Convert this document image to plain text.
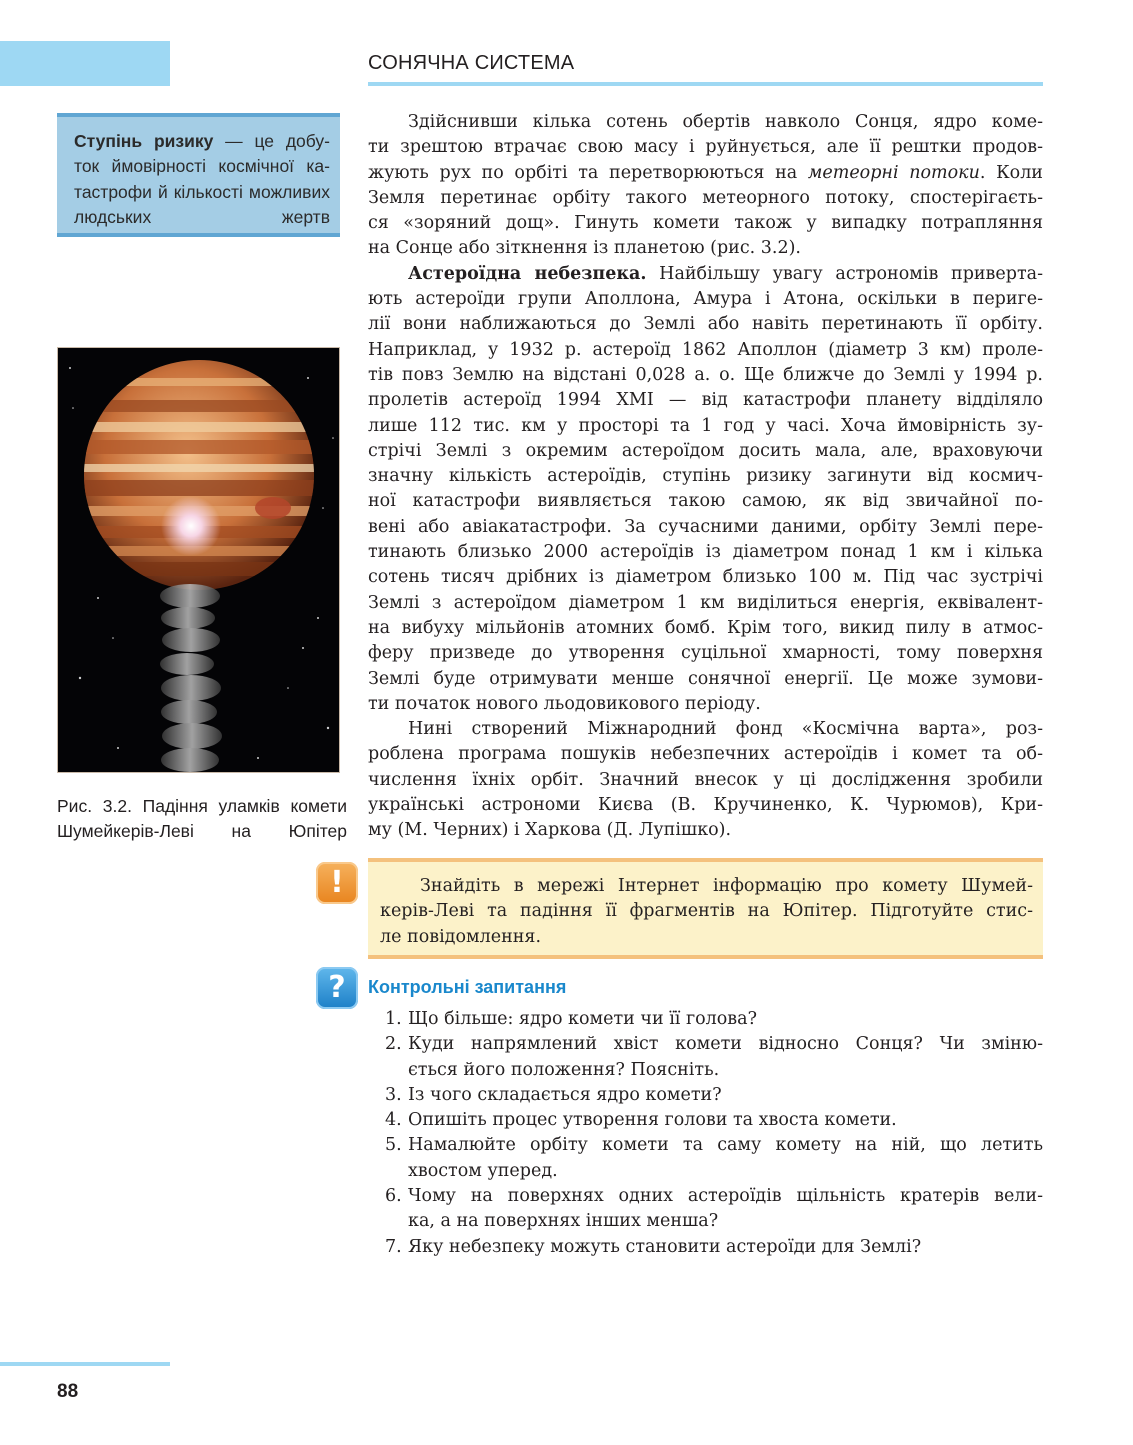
СОНЯЧНА СИСТЕМА
Ступінь ризику — це добу-
ток ймовірності космічної ка-
тастрофи й кількості можливих
людських жертв
Рис. 3.2. Падіння уламків комети
Шумейкерів-Леві на Юпітер

Здійснивши кілька сотень обертів навколо Сонця, ядро коме-
ти зрештою втрачає свою масу і руйнується, але її рештки продов-
жують рух по орбіті та перетворюються на метеорні потоки. Коли
Земля перетинає орбіту такого метеорного потоку, спостерігаєть-
ся «зоряний дощ». Гинуть комети також у випадку потрапляння
на Сонце або зіткнення із планетою (рис. 3.2).

Астероїдна небезпека. Найбільшу увагу астрономів приверта-
ють астероїди групи Аполлона, Амура і Атона, оскільки в периге-
лії вони наближаються до Землі або навіть перетинають її орбіту.
Наприклад, у 1932 р. астероїд 1862 Аполлон (діаметр 3 км) проле-
тів повз Землю на відстані 0,028 а. о. Ще ближче до Землі у 1994 р.
пролетів астероїд 1994 XMI — від катастрофи планету відділяло
лише 112 тис. км у просторі та 1 год у часі. Хоча ймовірність зу-
стрічі Землі з окремим астероїдом досить мала, але, враховуючи
значну кількість астероїдів, ступінь ризику загинути від космич-
ної катастрофи виявляється такою самою, як від звичайної по-
вені або авіакатастрофи. За сучасними даними, орбіту Землі пере-
тинають близько 2000 астероїдів із діаметром понад 1 км і кілька
сотень тисяч дрібних із діаметром близько 100 м. Під час зустрічі
Землі з астероїдом діаметром 1 км виділиться енергія, еквівалент-
на вибуху мільйонів атомних бомб. Крім того, викид пилу в атмос-
феру призведе до утворення суцільної хмарності, тому поверхня
Землі буде отримувати менше сонячної енергії. Це може зумови-
ти початок нового льодовикового періоду.

Нині створений Міжнародний фонд «Космічна варта», роз-
роблена програма пошуків небезпечних астероїдів і комет та об-
числення їхніх орбіт. Значний внесок у ці дослідження зробили
українські астрономи Києва (В. Кручиненко, К. Чурюмов), Кри-
му (М. Черних) і Харкова (Д. Лупішко).

!	Знайдіть в мережі Інтернет інформацію про комету Шумей-
керів-Леві та падіння її фрагментів на Юпітер. Підготуйте стис-
ле повідомлення.
?	Контрольні запитання
1. Що більше: ядро комети чи її голова?
2. Куди напрямлений хвіст комети відносно Сонця? Чи зміню-
ється його положення? Поясніть.
3. Із чого складається ядро комети?
4. Опишіть процес утворення голови та хвоста комети.
5. Намалюйте орбіту комети та саму комету на ній, що летить
хвостом уперед.
6. Чому на поверхнях одних астероїдів щільність кратерів вели-
ка, а на поверхнях інших менша?
7. Яку небезпеку можуть становити астероїди для Землі?
88
